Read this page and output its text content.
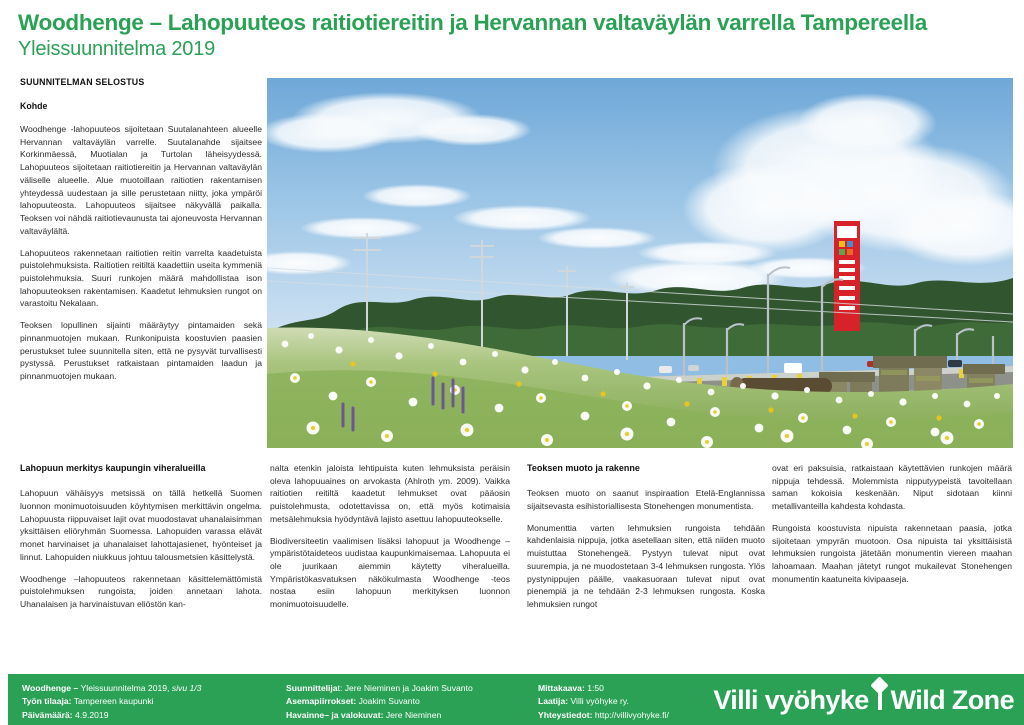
Woodhenge – Lahopuuteos raitiotiereitin ja Hervannan valtaväylän varrella Tampereella
Yleissuunnitelma 2019
SUUNNITELMAN SELOSTUS
Kohde

Woodhenge -lahopuuteos sijoitetaan Suutalanahteen alueelle Hervannan valtaväylän varrelle. Suutalanahde sijaitsee Korkinmäessä, Muotialan ja Turtolan läheisyydessä. Lahopuuteos sijoitetaan raitiotiereitin ja Hervannan valtaväylän väliselle alueelle. Alue muotoillaan raitiotien rakentamisen yhteydessä uudestaan ja sille perustetaan niitty, joka ympäröi lahopuuteosta. Lahopuuteos sijaitsee näkyvällä paikalla. Teoksen voi nähdä raitiotievaunusta tai ajoneuvosta Hervannan valtaväylältä.

Lahopuuteos rakennetaan raitiotien reitin varrelta kaadetuista puistolehmuksista. Raitiotien reitiltä kaadettiin useita kymmeniä puistolehmuksia. Suuri runkojen määrä mahdollistaa ison lahopuuteoksen rakentamisen. Kaadetut lehmuksien rungot on varastoitu Nekalaan.

Teoksen lopullinen sijainti määräytyy pintamaiden sekä pinnanmuotojen mukaan. Runkonipuista koostuvien paasien perustukset tulee suunnitella siten, että ne pysyvät turvallisesti pystyssä. Perustukset ratkaistaan pintamaiden laadun ja pinnanmuotojen mukaan.

Lahopuun merkitys kaupungin viheralueilla

Lahopuun vähäisyys metsissä on tällä hetkellä Suomen luonnon monimuotoisuuden köyhtymisen merkittävin ongelma. Lahopuusta riippuvaiset lajit ovat muodostavat uhanalaisimman yksittäisen eliöryhmän Suomessa. Lahopuiden varassa elävät monet harvinaiset ja uhanalaiset lahottajasienet, hyönteiset ja linnut. Lahopuiden niukkuus johtuu talousmetsien käsittelystä.

Woodhenge –lahopuuteos rakennetaan käsittelemättömistä puistolehmuksen rungoista, joiden annetaan lahota. Uhanalaisen ja harvinaistuvan eliöstön kan-

nalta etenkin jaloista lehtipuista kuten lehmuksista peräisin oleva lahopuuaines on arvokasta (Ahlroth ym. 2009). Vaikka raitiotien reitiltä kaadetut lehmukset ovat pääosin puistolehmusta, odotettavissa on, että myös kotimaisia metsälehmuksia hyödyntävä lajisto asettuu lahopuuteokselle.

Biodiversiteetin vaalimisen lisäksi lahopuut ja Woodhenge –ympäristötaideteos uudistaa kaupunkimaisemaa. Lahopuuta ei ole juurikaan aiemmin käytetty viheralueilla. Ympäristökasvatuksen näkökulmasta Woodhenge -teos nostaa esiin lahopuun merkityksen luonnon monimuotoisuudelle.

Teoksen muoto ja rakenne

Teoksen muoto on saanut inspiraation Etelä-Englannissa sijaitsevasta esihistoriallisesta Stonehengen monumentista.

Monumenttia varten lehmuksien rungoista tehdään kahdenlaisia nippuja, jotka asetellaan siten, että niiden muoto muistuttaa Stonehengeä. Pystyyn tulevat niput ovat suurempia, ja ne muodostetaan 3-4 lehmuksen rungosta. Ylös pystynippujen päälle, vaakasuoraan tulevat niput ovat pienempiä ja ne tehdään 2-3 lehmuksen rungosta. Koska lehmuksien rungot

ovat eri paksuisia, ratkaistaan käytettävien runkojen määrä nippuja tehdessä. Molemmista nipputyypeistä tavoitellaan saman kokoisia keskenään. Niput sidotaan kiinni metallivanteilla kahdesta kohdasta.

Rungoista koostuvista nipuista rakennetaan paasia, jotka sijoitetaan ympyrän muotoon. Osa nipuista tai yksittäisistä lehmuksien rungoista jätetään monumentin viereen maahan lahoamaan. Maahan jätetyt rungot mukailevat Stonehengen monumentin kaatuneita kivipaaseja.

Woodhenge – Yleissuunnitelma 2019, sivu 1/3
Työn tilaaja: Tampereen kaupunki
Päivämäärä: 4.9.2019
Suunnittelijat: Jere Nieminen ja Joakim Suvanto
Asemapiirrokset: Joakim Suvanto
Havainne– ja valokuvat: Jere Nieminen
Mittakaava: 1:50
Laatija: Villi vyöhyke ry.
Yhteystiedot: http://villivyohyke.fi/
Villi vyöhyke Wild Zone
